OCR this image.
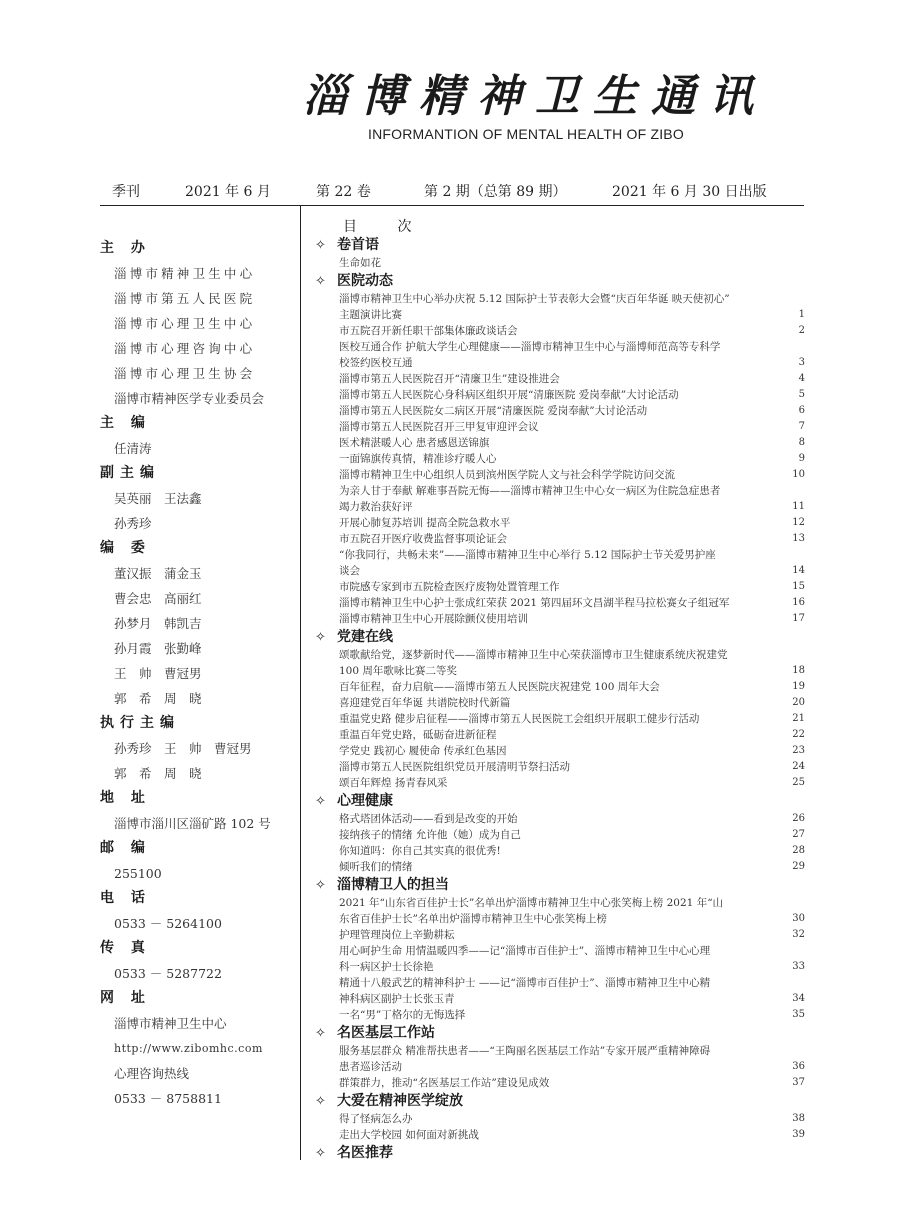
淄博精神卫生通讯
INFORMANTION OF MENTAL HEALTH OF ZIBO
季刊	2021 年 6 月	第 22 卷	第 2 期（总第 89 期）	2021 年 6 月 30 日出版
主 办
淄博市精神卫生中心
淄博市第五人民医院
淄博市心理卫生中心
淄博市心理咨询中心
淄博市心理卫生协会
淄博市精神医学专业委员会
主 编
任清涛
副主编
吴英丽　王法鑫
孙秀珍
编 委
董汉振　蒲金玉
曹会忠　高丽红
孙梦月　韩凯吉
孙月霞　张勤峰
王　帅　曹冠男
郭　希　周　晓
执行主编
孙秀珍　王　帅　曹冠男
郭　希　周　晓
地 址
淄博市淄川区淄矿路 102 号
邮 编
255100
电 话
0533 － 5264100
传 真
0533 － 5287722
网 址
淄博市精神卫生中心
http://www.zibomhc.com
心理咨询热线
0533 － 8758811
目 次
✧ 卷首语
生命如花
✧ 医院动态
淄博市精神卫生中心举办庆祝 5.12 国际护士节表彰大会暨“庆百年华诞 映天使初心”
主题演讲比赛	1
市五院召开新任职干部集体廉政谈话会	2
医校互通合作 护航大学生心理健康——淄博市精神卫生中心与淄博师范高等专科学
校签约医校互通	3
淄博市第五人民医院召开“清廉卫生”建设推进会	4
淄博市第五人民医院心身科病区组织开展“清廉医院 爱岗奉献”大讨论活动	5
淄博市第五人民医院女二病区开展“清廉医院 爱岗奉献”大讨论活动	6
淄博市第五人民医院召开三甲复审迎评会议	7
医术精湛暖人心 患者感恩送锦旗	8
一面锦旗传真情，精准诊疗暖人心	9
淄博市精神卫生中心组织人员到滨州医学院人文与社会科学学院访问交流	10
为亲人甘于奉献 解难事吾院无悔——淄博市精神卫生中心女一病区为住院急症患者
竭力救治获好评	11
开展心肺复苏培训 提高全院急救水平	12
市五院召开医疗收费监督事项论证会	13
“你我同行，共畅未来”——淄博市精神卫生中心举行 5.12 国际护士节关爱男护座
谈会	14
市院感专家到市五院检查医疗废物处置管理工作	15
淄博市精神卫生中心护士张成红荣获 2021 第四届环文昌湖半程马拉松赛女子组冠军	16
淄博市精神卫生中心开展除颤仪使用培训	17
✧ 党建在线
颂歌献给党，逐梦新时代——淄博市精神卫生中心荣获淄博市卫生健康系统庆祝建党
100 周年歌咏比赛二等奖	18
百年征程，奋力启航——淄博市第五人民医院庆祝建党 100 周年大会	19
喜迎建党百年华诞 共谱院校时代新篇	20
重温党史路 健步启征程——淄博市第五人民医院工会组织开展职工健步行活动	21
重温百年党史路，砥砺奋进新征程	22
学党史 践初心 履使命 传承红色基因	23
淄博市第五人民医院组织党员开展清明节祭扫活动	24
颂百年辉煌 扬青春风采	25
✧ 心理健康
格式塔团体活动——看到是改变的开始	26
接纳孩子的情绪 允许他（她）成为自己	27
你知道吗：你自己其实真的很优秀!	28
倾听我们的情绪	29
✧ 淄博精卫人的担当
2021 年“山东省百佳护士长”名单出炉淄博市精神卫生中心张笑梅上榜 2021 年“山
东省百佳护士长”名单出炉淄博市精神卫生中心张笑梅上榜	30
护理管理岗位上辛勤耕耘	32
用心呵护生命 用情温暖四季——记“淄博市百佳护士”、淄博市精神卫生中心心理
科一病区护士长徐艳	33
精通十八般武艺的精神科护士 ——记“淄博市百佳护士”、淄博市精神卫生中心精
神科病区副护士长张玉青	34
一名“男”丁格尔的无悔选择	35
✧ 名医基层工作站
服务基层群众 精准帮扶患者——“王陶丽名医基层工作站”专家开展严重精神障碍
患者巡诊活动	36
群策群力，推动“名医基层工作站”建设见成效	37
✧ 大爱在精神医学绽放
得了怪病怎么办	38
走出大学校园 如何面对新挑战	39
✧ 名医推荐
